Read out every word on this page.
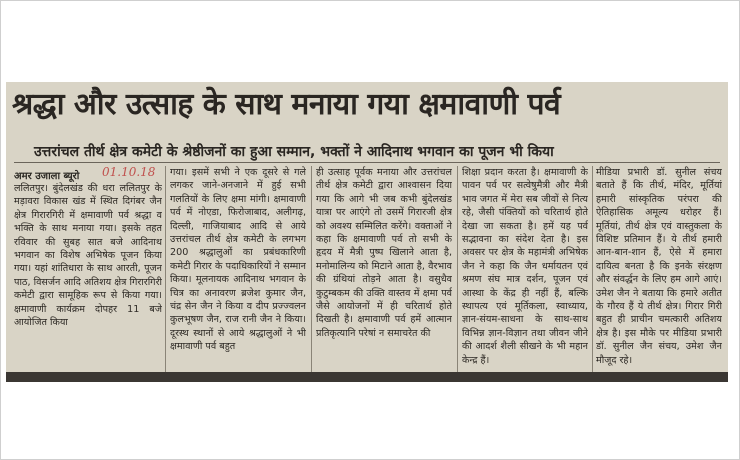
श्रद्धा और उत्साह के साथ मनाया गया क्षमावाणी पर्व
उत्तरांचल तीर्थ क्षेत्र कमेटी के श्रेष्ठीजनों का हुआ सम्मान, भक्तों ने आदिनाथ भगवान का पूजन भी किया
अमर उजाला ब्यूरो 01.10.18

ललितपुर। बुंदेलखंड की धरा ललितपुर के मड़ावरा विकास खंड में स्थित दिगंबर जैन क्षेत्र गिरारगिरी में क्षमावाणी पर्व श्रद्धा व भक्ति के साथ मनाया गया। इसके तहत रविवार की सुबह सात बजे आदिनाथ भगवान का विशेष अभिषेक पूजन किया गया। यहां शांतिधारा के साथ आरती, पूजन पाठ, विसर्जन आदि अतिशय क्षेत्र गिरारगिरी कमेटी द्वारा सामूहिक रूप से किया गया। क्षमावाणी कार्यक्रम दोपहर 11 बजे आयोजित किया

गया। इसमें सभी ने एक दूसरे से गले लगकर जाने-अनजाने में हुई सभी गलतियों के लिए क्षमा मांगी। क्षमावाणी पर्व में नोएडा, फिरोजाबाद, अलीगढ़, दिल्ली, गाजियाबाद आदि से आये उत्तरांचल तीर्थ क्षेत्र कमेटी के लगभग 200 श्रद्धालुओं का प्रबंधकारिणी कमेटी गिरार के पदाधिकारियों ने सम्मान किया। मूलनायक आदिनाथ भगवान के चित्र का अनावरण ब्रजेश कुमार जैन, चंद्र सेन जैन ने किया व दीप प्रज्ज्वलन कुलभूषण जैन, राज रानी जैन ने किया। दूरस्थ स्थानों से आये श्रद्धालुओं ने भी क्षमावाणी पर्व बहुत

ही उत्साह पूर्वक मनाया और उत्तरांचल तीर्थ क्षेत्र कमेटी द्वारा आश्वासन दिया गया कि आगे भी जब कभी बुंदेलखंड यात्रा पर आएंगे तो उसमें गिरारजी क्षेत्र को अवश्य सम्मिलित करेंगे। वक्ताओं ने कहा कि क्षमावाणी पर्व तो सभी के हृदय में मैत्री पुष्प खिलाने आता है, मनोमालिन्य को मिटाने आता है, वैरभाव की ग्रंथियां तोड़ने आता है। वसुधैव कुटुम्बकम की उक्ति वास्तव में क्षमा पर्व जैसे आयोजनों में ही चरितार्थ होते दिखती है। क्षमावाणी पर्व हमें आत्मान प्रतिकृत्यानि परेषां न समाचरेत की

शिक्षा प्रदान करता है। क्षमावाणी के पावन पर्व पर सत्वेषुमैत्री और मैत्री भाव जगत में मेरा सब जीवों से नित्य रहे, जैसी पंक्तियों को चरितार्थ होते देखा जा सकता है। हमें यह पर्व सद्भावना का संदेश देता है। इस अवसर पर क्षेत्र के महामंत्री अभिषेक जैन ने कहा कि जैन धर्मायतन एवं श्रमण संघ मात्र दर्शन, पूजन एवं आस्था के केंद्र ही नहीं हैं, बल्कि स्थापत्य एवं मूर्तिकला, स्वाध्याय, ज्ञान-संयम-साधना के साथ-साथ विभिन्न ज्ञान-विज्ञान तथा जीवन जीने की आदर्श शैली सीखने के भी महान केन्द्र हैं।

मीडिया प्रभारी डॉ. सुनील संचय बताते हैं कि तीर्थ, मंदिर, मूर्तियां हमारी सांस्कृतिक परंपरा की ऐतिहासिक अमूल्य धरोहर हैं। मूर्तियां, तीर्थ क्षेत्र एवं वास्तुकला के विशिष्ट प्रतिमान हैं। ये तीर्थ हमारी आन-बान-शान हैं, ऐसे में हमारा दायित्व बनता है कि इनके संरक्षण और संवर्द्धन के लिए हम आगे आएं। उमेश जैन ने बताया कि हमारे अतीत के गौरव हैं ये तीर्थ क्षेत्र। गिरार गिरी बहुत ही प्राचीन चमत्कारी अतिशय क्षेत्र है। इस मौके पर मीडिया प्रभारी डॉ. सुनील जैन संचय, उमेश जैन मौजूद रहे।
